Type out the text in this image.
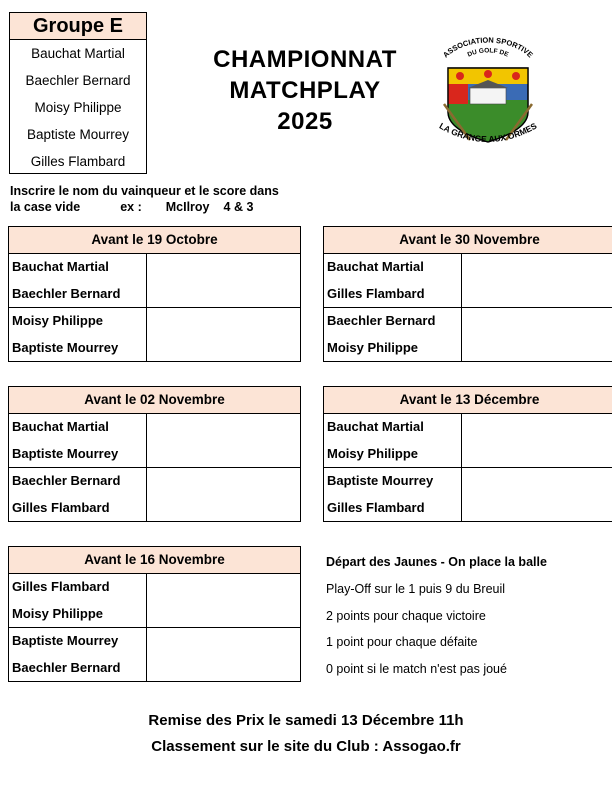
Groupe E
Bauchat Martial
Baechler Bernard
Moisy Philippe
Baptiste Mourrey
Gilles Flambard
CHAMPIONNAT
MATCHPLAY
2025
ASSOCIATION SPORTIVE
DU GOLF DE
LA GRANGE AUX ORMES
Inscrire le nom du vainqueur et le score dans
la case vide	ex : McIlroy 4 & 3
Avant le 19 Octobre
Bauchat Martial
Baechler Bernard
Moisy Philippe
Baptiste Mourrey
Avant le 30 Novembre
Bauchat Martial
Gilles Flambard
Baechler Bernard
Moisy Philippe
Avant le 02 Novembre
Bauchat Martial
Baptiste Mourrey
Baechler Bernard
Gilles Flambard
Avant le 13 Décembre
Bauchat Martial
Moisy Philippe
Baptiste Mourrey
Gilles Flambard
Avant le 16 Novembre
Gilles Flambard
Moisy Philippe
Baptiste Mourrey
Baechler Bernard
Départ des Jaunes - On place la balle
Play-Off sur le 1 puis 9 du Breuil
2 points pour chaque victoire
1 point pour chaque défaite
0 point si le match n'est pas joué
Remise des Prix le samedi 13 Décembre 11h
Classement sur le site du Club : Assogao.fr
